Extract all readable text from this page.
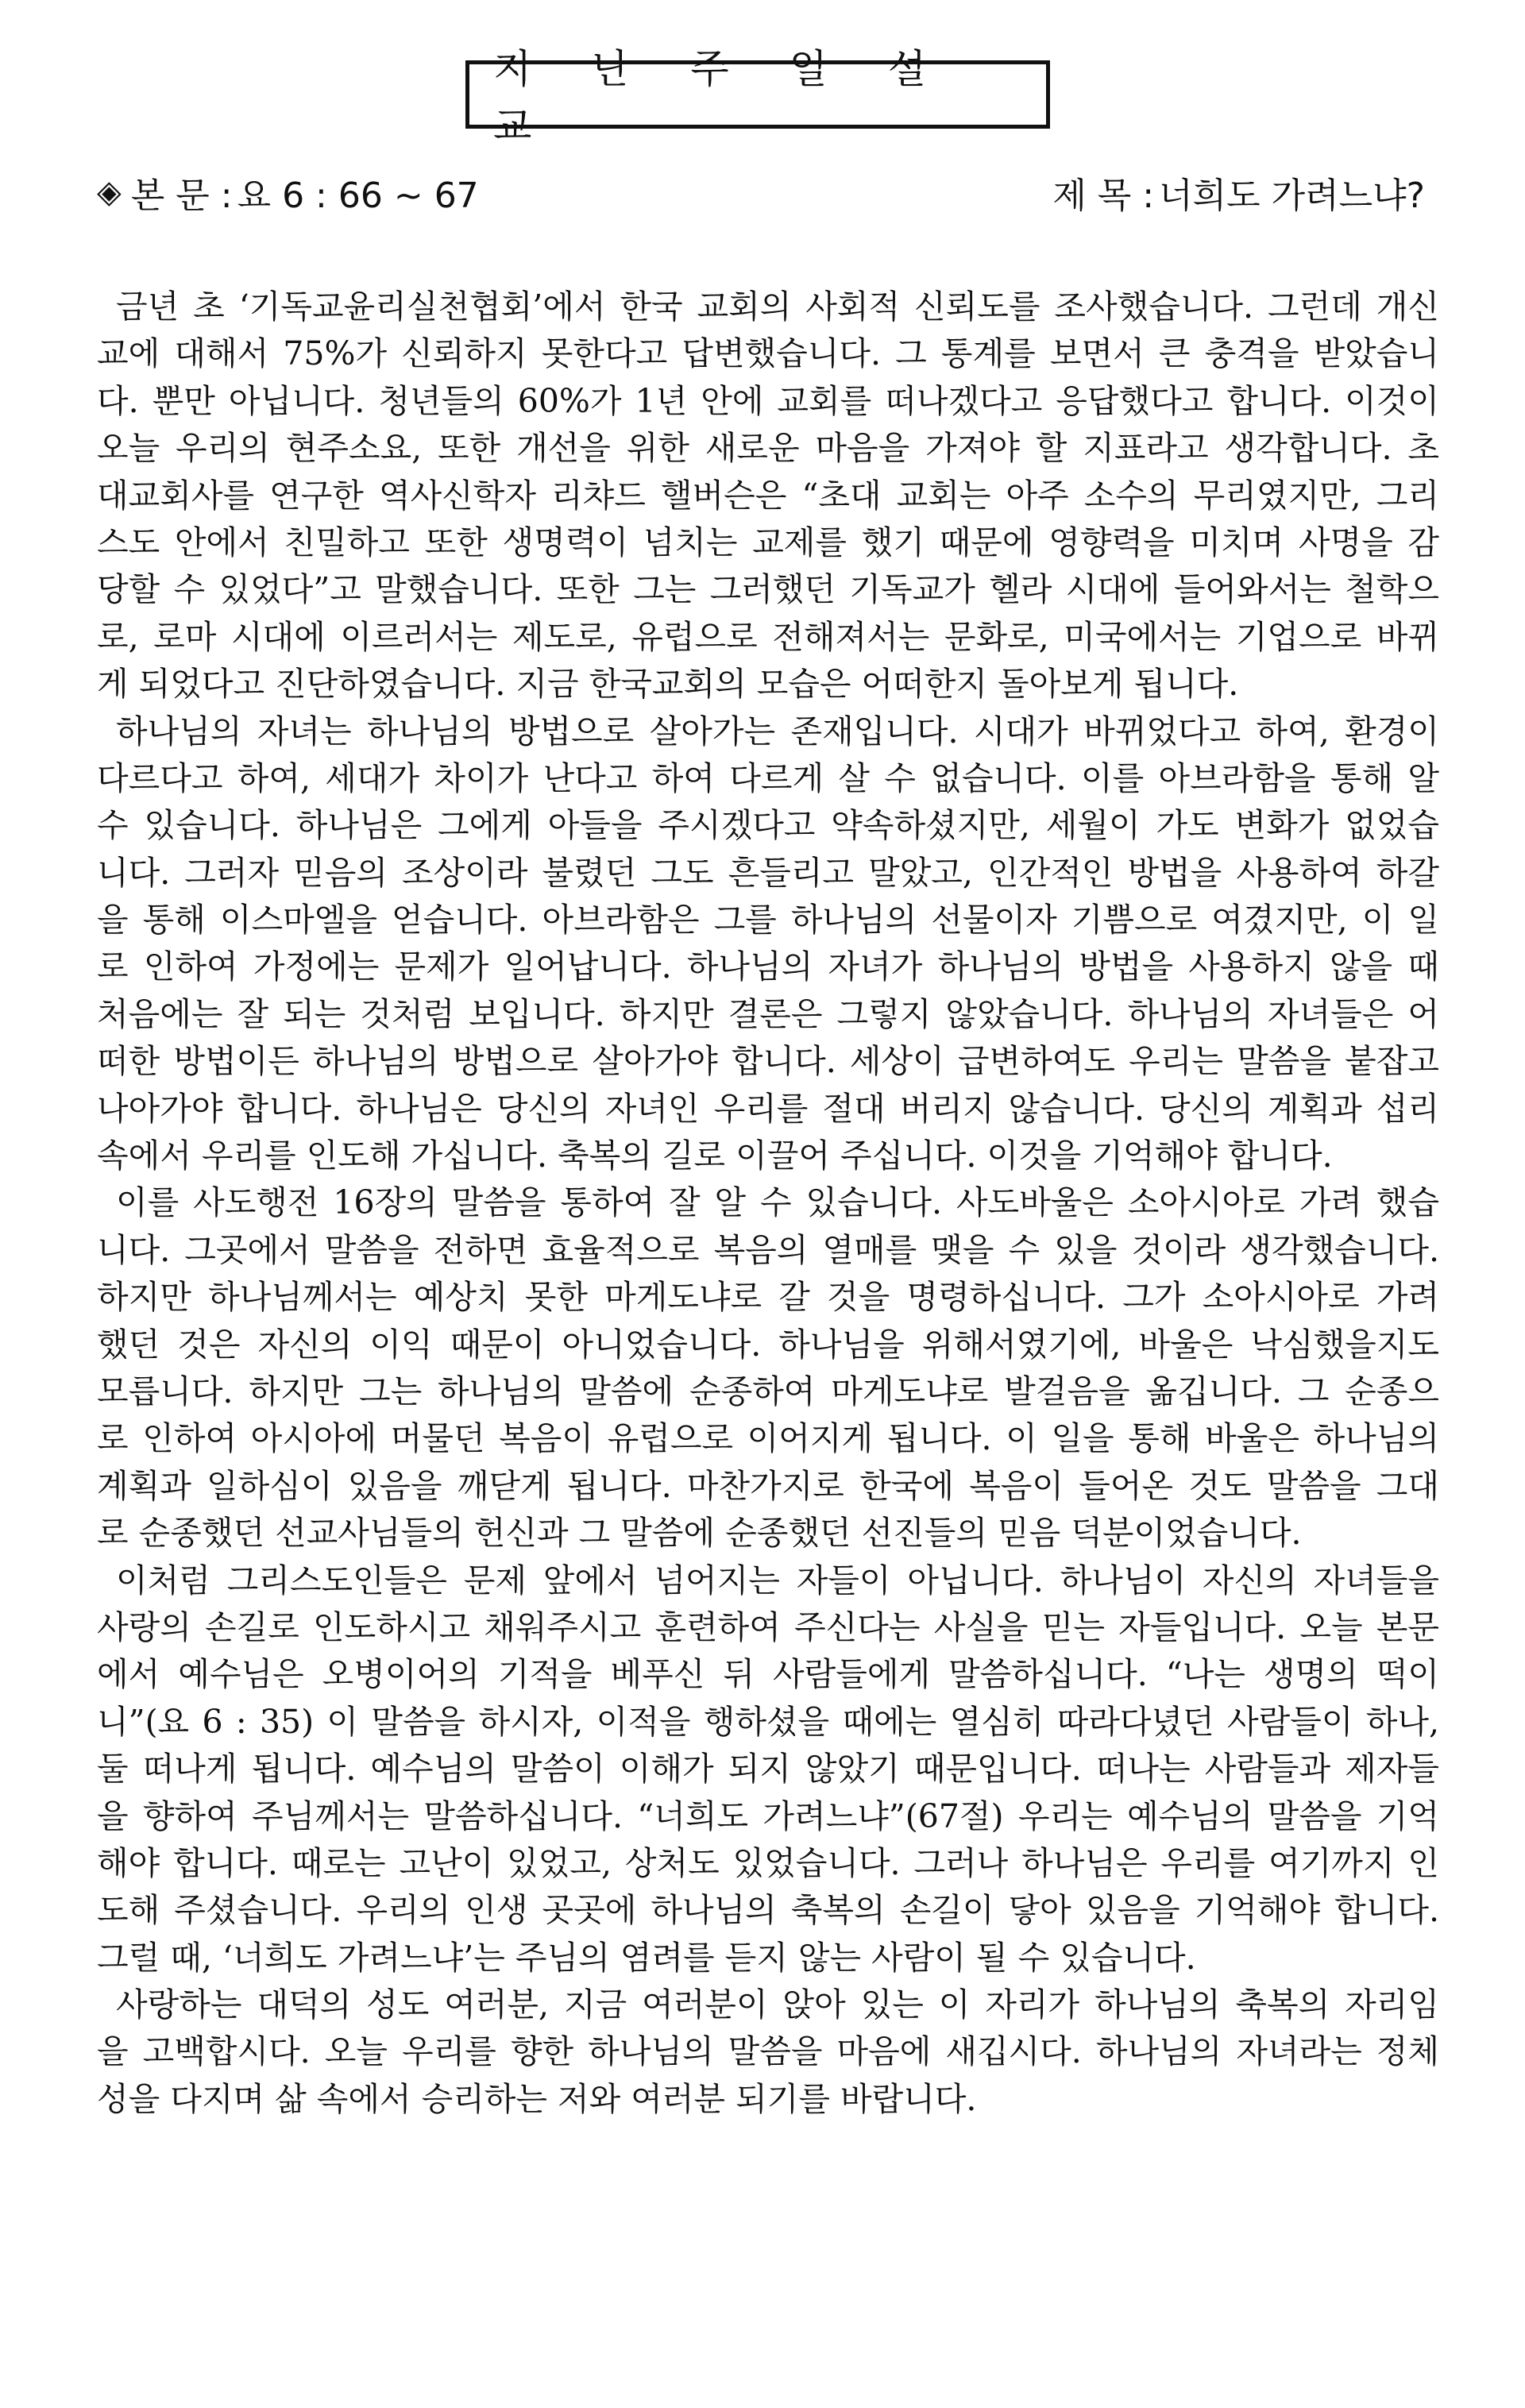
지 난 주 일 설 교
◈ 본 문 : 요 6 : 66 ~ 67	제 목 : 너희도 가려느냐?
금년 초 ‘기독교윤리실천협회’에서 한국 교회의 사회적 신뢰도를 조사했습니다. 그런데 개신
교에 대해서 75%가 신뢰하지 못한다고 답변했습니다. 그 통계를 보면서 큰 충격을 받았습니
다. 뿐만 아닙니다. 청년들의 60%가 1년 안에 교회를 떠나겠다고 응답했다고 합니다. 이것이
오늘 우리의 현주소요, 또한 개선을 위한 새로운 마음을 가져야 할 지표라고 생각합니다. 초
대교회사를 연구한 역사신학자 리챠드 핼버슨은 “초대 교회는 아주 소수의 무리였지만, 그리
스도 안에서 친밀하고 또한 생명력이 넘치는 교제를 했기 때문에 영향력을 미치며 사명을 감
당할 수 있었다”고 말했습니다. 또한 그는 그러했던 기독교가 헬라 시대에 들어와서는 철학으
로, 로마 시대에 이르러서는 제도로, 유럽으로 전해져서는 문화로, 미국에서는 기업으로 바뀌
게 되었다고 진단하였습니다. 지금 한국교회의 모습은 어떠한지 돌아보게 됩니다.
하나님의 자녀는 하나님의 방법으로 살아가는 존재입니다. 시대가 바뀌었다고 하여, 환경이
다르다고 하여, 세대가 차이가 난다고 하여 다르게 살 수 없습니다. 이를 아브라함을 통해 알
수 있습니다. 하나님은 그에게 아들을 주시겠다고 약속하셨지만, 세월이 가도 변화가 없었습
니다. 그러자 믿음의 조상이라 불렸던 그도 흔들리고 말았고, 인간적인 방법을 사용하여 하갈
을 통해 이스마엘을 얻습니다. 아브라함은 그를 하나님의 선물이자 기쁨으로 여겼지만, 이 일
로 인하여 가정에는 문제가 일어납니다. 하나님의 자녀가 하나님의 방법을 사용하지 않을 때
처음에는 잘 되는 것처럼 보입니다. 하지만 결론은 그렇지 않았습니다. 하나님의 자녀들은 어
떠한 방법이든 하나님의 방법으로 살아가야 합니다. 세상이 급변하여도 우리는 말씀을 붙잡고
나아가야 합니다. 하나님은 당신의 자녀인 우리를 절대 버리지 않습니다. 당신의 계획과 섭리
속에서 우리를 인도해 가십니다. 축복의 길로 이끌어 주십니다. 이것을 기억해야 합니다.
이를 사도행전 16장의 말씀을 통하여 잘 알 수 있습니다. 사도바울은 소아시아로 가려 했습
니다. 그곳에서 말씀을 전하면 효율적으로 복음의 열매를 맺을 수 있을 것이라 생각했습니다.
하지만 하나님께서는 예상치 못한 마게도냐로 갈 것을 명령하십니다. 그가 소아시아로 가려
했던 것은 자신의 이익 때문이 아니었습니다. 하나님을 위해서였기에, 바울은 낙심했을지도
모릅니다. 하지만 그는 하나님의 말씀에 순종하여 마게도냐로 발걸음을 옮깁니다. 그 순종으
로 인하여 아시아에 머물던 복음이 유럽으로 이어지게 됩니다. 이 일을 통해 바울은 하나님의
계획과 일하심이 있음을 깨닫게 됩니다. 마찬가지로 한국에 복음이 들어온 것도 말씀을 그대
로 순종했던 선교사님들의 헌신과 그 말씀에 순종했던 선진들의 믿음 덕분이었습니다.
이처럼 그리스도인들은 문제 앞에서 넘어지는 자들이 아닙니다. 하나님이 자신의 자녀들을
사랑의 손길로 인도하시고 채워주시고 훈련하여 주신다는 사실을 믿는 자들입니다. 오늘 본문
에서 예수님은 오병이어의 기적을 베푸신 뒤 사람들에게 말씀하십니다. “나는 생명의 떡이
니”(요 6 : 35) 이 말씀을 하시자, 이적을 행하셨을 때에는 열심히 따라다녔던 사람들이 하나,
둘 떠나게 됩니다. 예수님의 말씀이 이해가 되지 않았기 때문입니다. 떠나는 사람들과 제자들
을 향하여 주님께서는 말씀하십니다. “너희도 가려느냐”(67절) 우리는 예수님의 말씀을 기억
해야 합니다. 때로는 고난이 있었고, 상처도 있었습니다. 그러나 하나님은 우리를 여기까지 인
도해 주셨습니다. 우리의 인생 곳곳에 하나님의 축복의 손길이 닿아 있음을 기억해야 합니다.
그럴 때, ‘너희도 가려느냐’는 주님의 염려를 듣지 않는 사람이 될 수 있습니다.
사랑하는 대덕의 성도 여러분, 지금 여러분이 앉아 있는 이 자리가 하나님의 축복의 자리임
을 고백합시다. 오늘 우리를 향한 하나님의 말씀을 마음에 새깁시다. 하나님의 자녀라는 정체
성을 다지며 삶 속에서 승리하는 저와 여러분 되기를 바랍니다.
